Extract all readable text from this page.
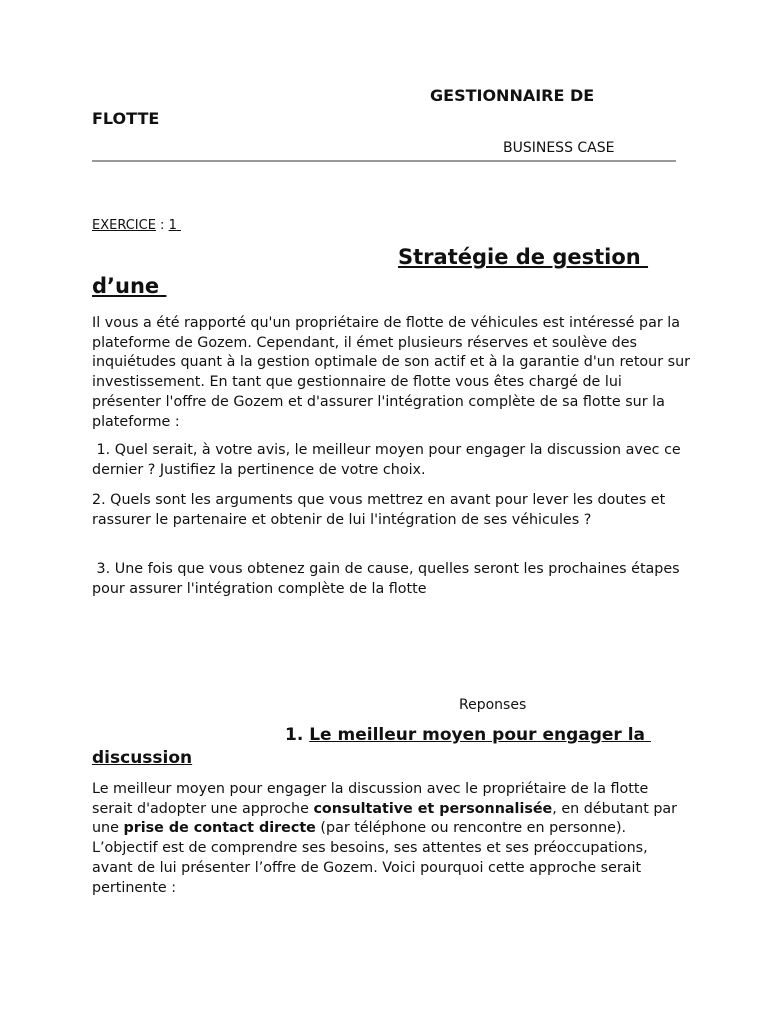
GESTIONNAIRE DE
FLOTTE
BUSINESS CASE
EXERCICE : 1
Stratégie de gestion
d’une

Il vous a été rapporté qu'un propriétaire de flotte de véhicules est intéressé par la plateforme de Gozem. Cependant, il émet plusieurs réserves et soulève des inquiétudes quant à la gestion optimale de son actif et à la garantie d'un retour sur investissement. En tant que gestionnaire de flotte vous êtes chargé de lui présenter l'offre de Gozem et d'assurer l'intégration complète de sa flotte sur la plateforme :

1. Quel serait, à votre avis, le meilleur moyen pour engager la discussion avec ce dernier ? Justifiez la pertinence de votre choix.

2. Quels sont les arguments que vous mettrez en avant pour lever les doutes et rassurer le partenaire et obtenir de lui l'intégration de ses véhicules ?

3. Une fois que vous obtenez gain de cause, quelles seront les prochaines étapes pour assurer l'intégration complète de la flotte

Reponses
1. Le meilleur moyen pour engager la
discussion

Le meilleur moyen pour engager la discussion avec le propriétaire de la flotte serait d'adopter une approche consultative et personnalisée, en débutant par une prise de contact directe (par téléphone ou rencontre en personne). L’objectif est de comprendre ses besoins, ses attentes et ses préoccupations, avant de lui présenter l’offre de Gozem. Voici pourquoi cette approche serait pertinente :
